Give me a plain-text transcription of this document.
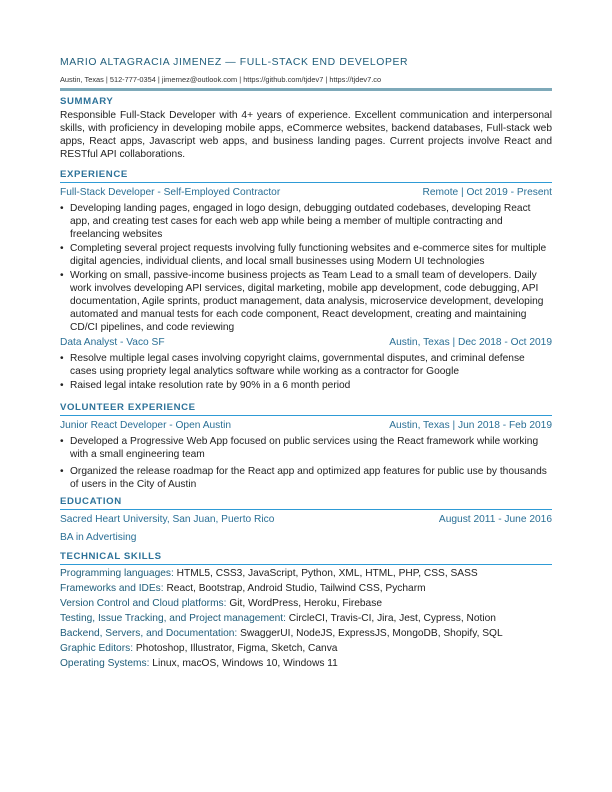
MARIO ALTAGRACIA JIMENEZ — FULL-STACK END DEVELOPER
Austin, Texas | 512-777-0354 | jimernez@outlook.com | https://github.com/tjdev7 | https://tjdev7.co
SUMMARY
Responsible Full-Stack Developer with 4+ years of experience. Excellent communication and interpersonal skills, with proficiency in developing mobile apps, eCommerce websites, backend databases, Full-stack web apps, React apps, Javascript web apps, and business landing pages. Current projects involve React and RESTful API collaborations.
EXPERIENCE
Full-Stack Developer - Self-Employed Contractor	Remote | Oct 2019 - Present
• Developing landing pages, engaged in logo design, debugging outdated codebases, developing React app, and creating test cases for each web app while being a member of multiple contracting and freelancing websites
• Completing several project requests involving fully functioning websites and e-commerce sites for multiple digital agencies, individual clients, and local small businesses using Modern UI technologies
• Working on small, passive-income business projects as Team Lead to a small team of developers. Daily work involves developing API services, digital marketing, mobile app development, code debugging, API documentation, Agile sprints, product management, data analysis, microservice development, developing automated and manual tests for each code component, React development, creating and maintaining CD/CI pipelines, and code reviewing
Data Analyst - Vaco SF	Austin, Texas | Dec 2018 - Oct 2019
• Resolve multiple legal cases involving copyright claims, governmental disputes, and criminal defense cases using propriety legal analytics software while working as a contractor for Google
• Raised legal intake resolution rate by 90% in a 6 month period
VOLUNTEER EXPERIENCE
Junior React Developer - Open Austin	Austin, Texas | Jun 2018 - Feb 2019
• Developed a Progressive Web App focused on public services using the React framework while working with a small engineering team
• Organized the release roadmap for the React app and optimized app features for public use by thousands of users in the City of Austin
EDUCATION
Sacred Heart University, San Juan, Puerto Rico	August 2011 - June 2016
BA in Advertising
TECHNICAL SKILLS
Programming languages: HTML5, CSS3, JavaScript, Python, XML, HTML, PHP, CSS, SASS
Frameworks and IDEs: React, Bootstrap, Android Studio, Tailwind CSS, Pycharm
Version Control and Cloud platforms: Git, WordPress, Heroku, Firebase
Testing, Issue Tracking, and Project management: CircleCI, Travis-CI, Jira, Jest, Cypress, Notion
Backend, Servers, and Documentation: SwaggerUI, NodeJS, ExpressJS, MongoDB, Shopify, SQL
Graphic Editors: Photoshop, Illustrator, Figma, Sketch, Canva
Operating Systems: Linux, macOS, Windows 10, Windows 11
